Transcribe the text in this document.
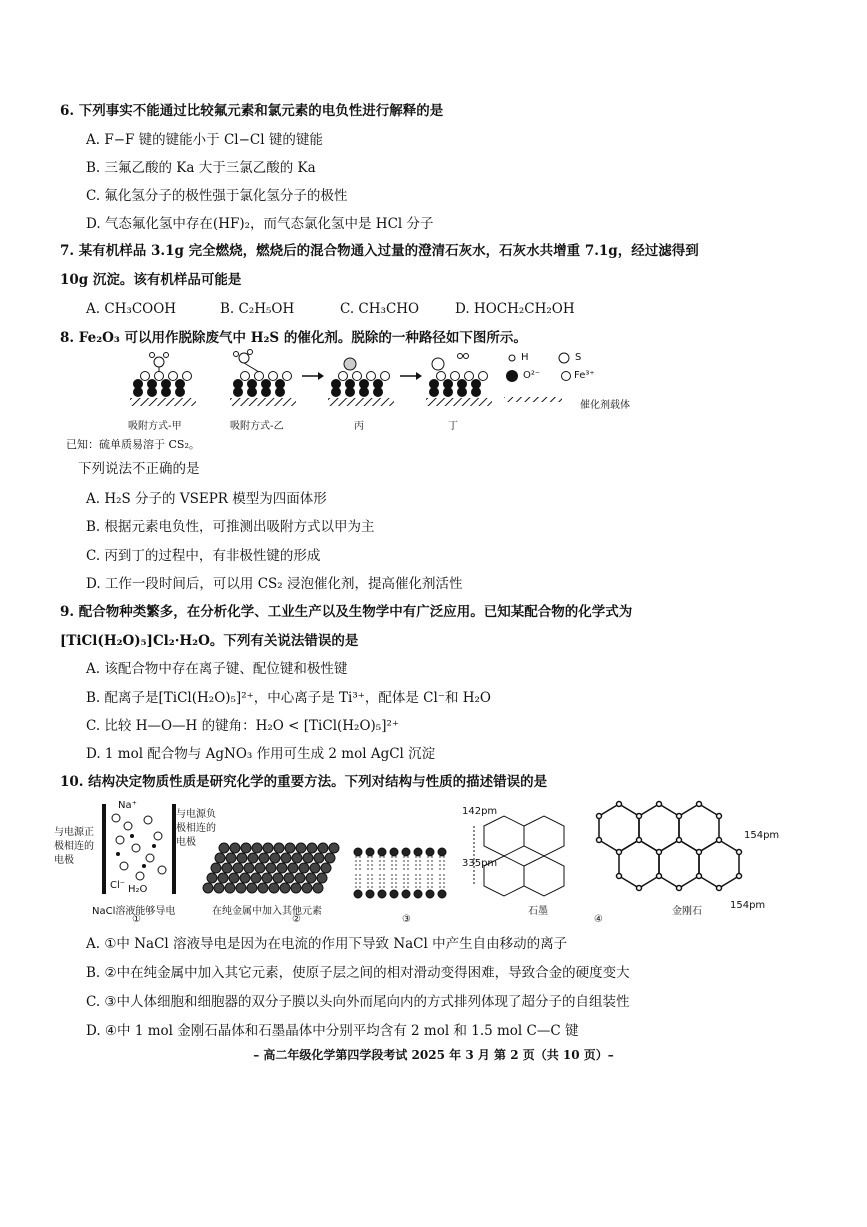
6. 下列事实不能通过比较氟元素和氯元素的电负性进行解释的是
A. F−F 键的键能小于 Cl−Cl 键的键能
B. 三氟乙酸的 Ka 大于三氯乙酸的 Ka
C. 氟化氢分子的极性强于氯化氢分子的极性
D. 气态氟化氢中存在(HF)₂，而气态氯化氢中是 HCl 分子
7. 某有机样品 3.1g 完全燃烧，燃烧后的混合物通入过量的澄清石灰水，石灰水共增重 7.1g，经过滤得到
10g 沉淀。该有机样品可能是
A. CH₃COOH	B. C₂H₅OH	C. CH₃CHO	D. HOCH₂CH₂OH
8. Fe₂O₃ 可以用作脱除废气中 H₂S 的催化剂。脱除的一种路径如下图所示。
吸附方式-甲	吸附方式-乙	丙	丁
H	S
O²⁻	Fe³⁺
催化剂载体
已知：硫单质易溶于 CS₂。
下列说法不正确的是
A. H₂S 分子的 VSEPR 模型为四面体形
B. 根据元素电负性，可推测出吸附方式以甲为主
C. 丙到丁的过程中，有非极性键的形成
D. 工作一段时间后，可以用 CS₂ 浸泡催化剂，提高催化剂活性
9. 配合物种类繁多，在分析化学、工业生产以及生物学中有广泛应用。已知某配合物的化学式为
[TiCl(H₂O)₅]Cl₂·H₂O。下列有关说法错误的是
A. 该配合物中存在离子键、配位键和极性键
B. 配离子是[TiCl(H₂O)₅]²⁺，中心离子是 Ti³⁺，配体是 Cl⁻和 H₂O
C. 比较 H—O—H 的键角：H₂O < [TiCl(H₂O)₅]²⁺
D. 1 mol 配合物与 AgNO₃ 作用可生成 2 mol AgCl 沉淀
10. 结构决定物质性质是研究化学的重要方法。下列对结构与性质的描述错误的是
与电源正极相连的电极
与电源负极相连的电极
Na⁺
Cl⁻ H₂O
142pm
335pm
154pm
154pm
NaCl溶液能够导电
①
在纯金属中加入其他元素
②	③
石墨
④
金刚石
A. ①中 NaCl 溶液导电是因为在电流的作用下导致 NaCl 中产生自由移动的离子
B. ②中在纯金属中加入其它元素，使原子层之间的相对滑动变得困难，导致合金的硬度变大
C. ③中人体细胞和细胞器的双分子膜以头向外而尾向内的方式排列体现了超分子的自组装性
D. ④中 1 mol 金刚石晶体和石墨晶体中分别平均含有 2 mol 和 1.5 mol C—C 键
– 高二年级化学第四学段考试 2025 年 3 月 第 2 页（共 10 页）–
